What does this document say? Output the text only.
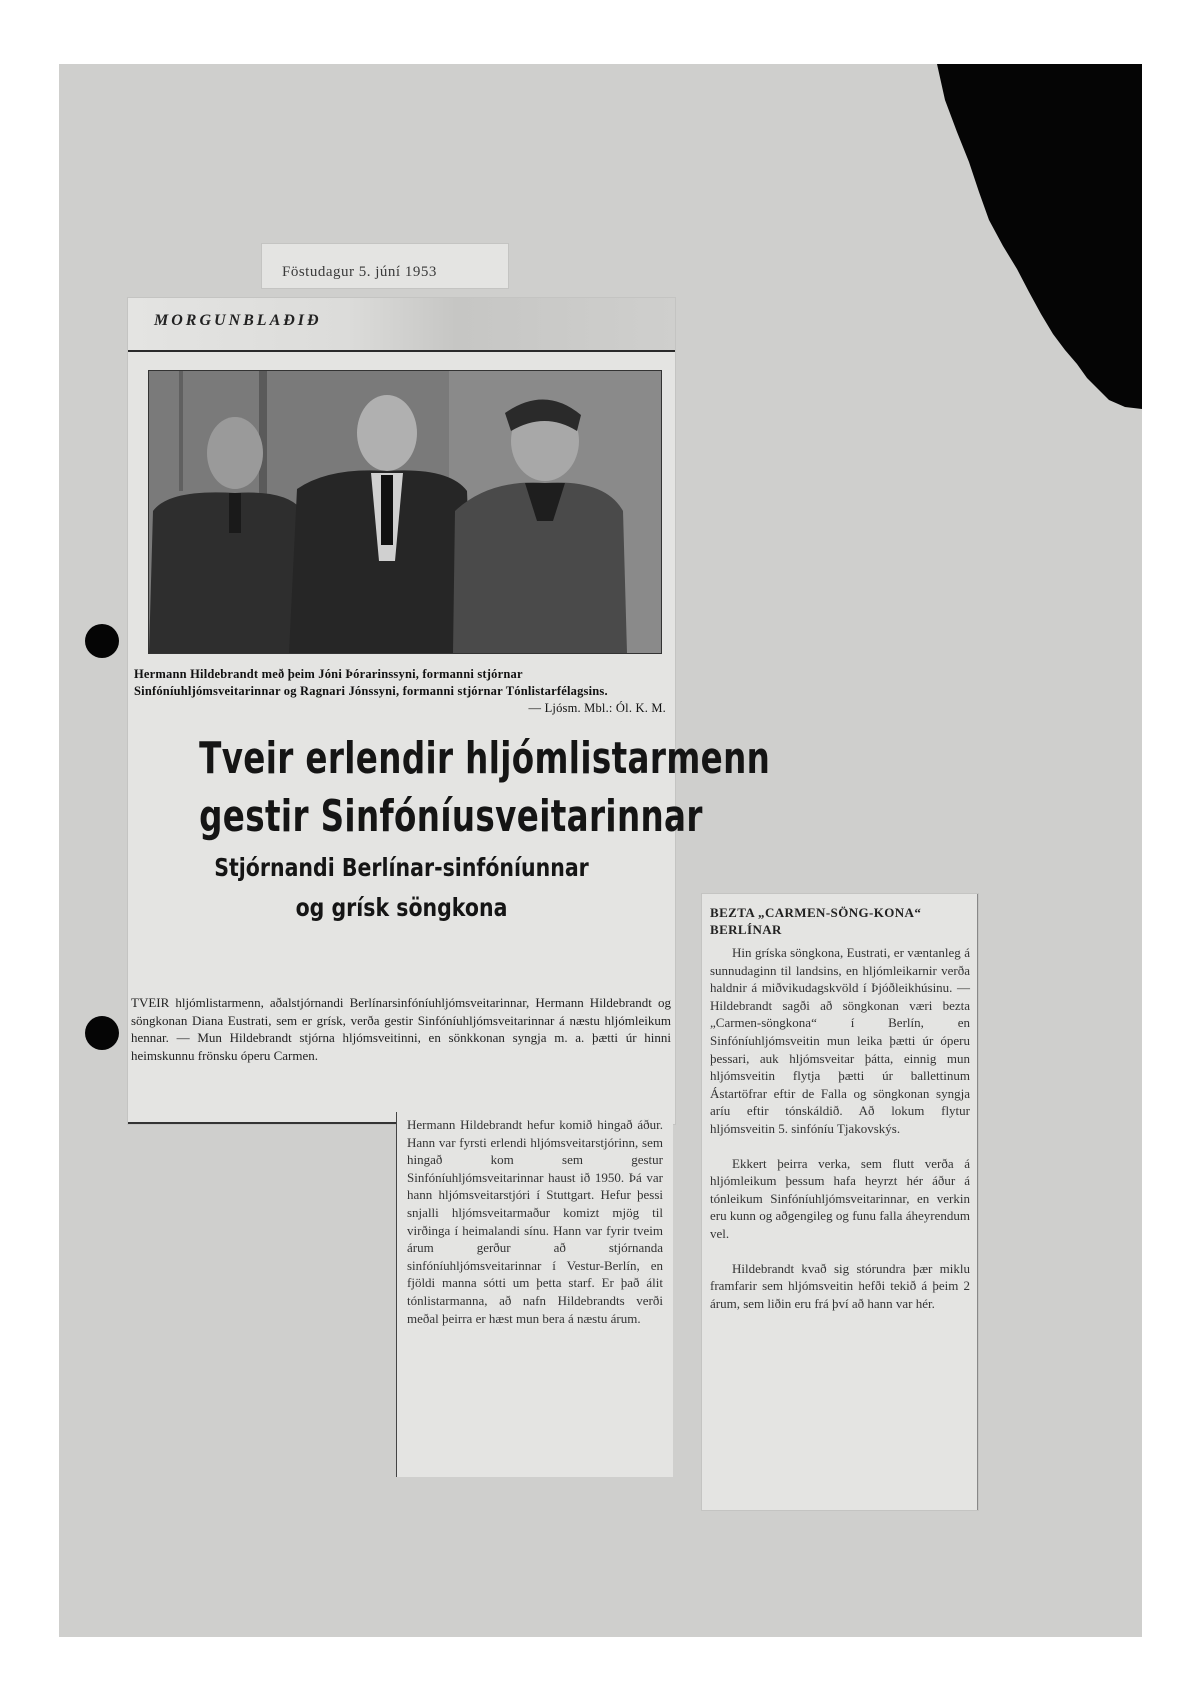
Föstudagur 5. júní 1953
MORGUNBLAÐIÐ
Hermann Hildebrandt með þeim Jóni Þórarinssyni, formanni stjórnar Sinfóníuhljómsveitarinnar og Ragnari Jónssyni, formanni stjórnar Tónlistarfélagsins.
— Ljósm. Mbl.: Ól. K. M.
Tveir erlendir hljómlistarmenn
gestir Sinfóníusveitarinnar
Stjórnandi Berlínar-sinfóníunnar
og grísk söngkona
TVEIR hljómlistarmenn, aðalstjórnandi Berlínarsinfóníuhljómsveitarinnar, Hermann Hildebrandt og söngkonan Diana Eustrati, sem er grísk, verða gestir Sinfóníuhljómsveitarinnar á næstu hljómleikum hennar. — Mun Hildebrandt stjórna hljómsveitinni, en sönkkonan syngja m. a. þætti úr hinni heimskunnu frönsku óperu Carmen.
Hermann Hildebrandt hefur komið hingað áður. Hann var fyrsti erlendi hljómsveitarstjórinn, sem hingað kom sem gestur Sinfóníuhljómsveitarinnar haust ið 1950. Þá var hann hljómsveitarstjóri í Stuttgart. Hefur þessi snjalli hljómsveitarmaður komizt mjög til virðinga í heimalandi sínu. Hann var fyrir tveim árum gerður að stjórnanda sinfóníuhljómsveitarinnar í Vestur-Berlín, en fjöldi manna sótti um þetta starf. Er það álit tónlistarmanna, að nafn Hildebrandts verði meðal þeirra er hæst mun bera á næstu árum.
BEZTA „CARMEN-SÖNG-KONA“ BERLÍNAR

Hin gríska söngkona, Eustrati, er væntanleg á sunnudaginn til landsins, en hljómleikarnir verða haldnir á miðvikudagskvöld í Þjóðleikhúsinu. — Hildebrandt sagði að söngkonan væri bezta „Carmen-söngkona“ í Berlín, en Sinfóníuhljómsveitin mun leika þætti úr óperu þessari, auk hljómsveitar þátta, einnig mun hljómsveitin flytja þætti úr ballettinum Ástartöfrar eftir de Falla og söngkonan syngja aríu eftir tónskáldið. Að lokum flytur hljómsveitin 5. sinfóníu Tjakovskýs.

Ekkert þeirra verka, sem flutt verða á hljómleikum þessum hafa heyrzt hér áður á tónleikum Sinfóníuhljómsveitarinnar, en verkin eru kunn og aðgengileg og funu falla áheyrendum vel.

Hildebrandt kvað sig stórundra þær miklu framfarir sem hljómsveitin hefði tekið á þeim 2 árum, sem liðin eru frá því að hann var hér.
